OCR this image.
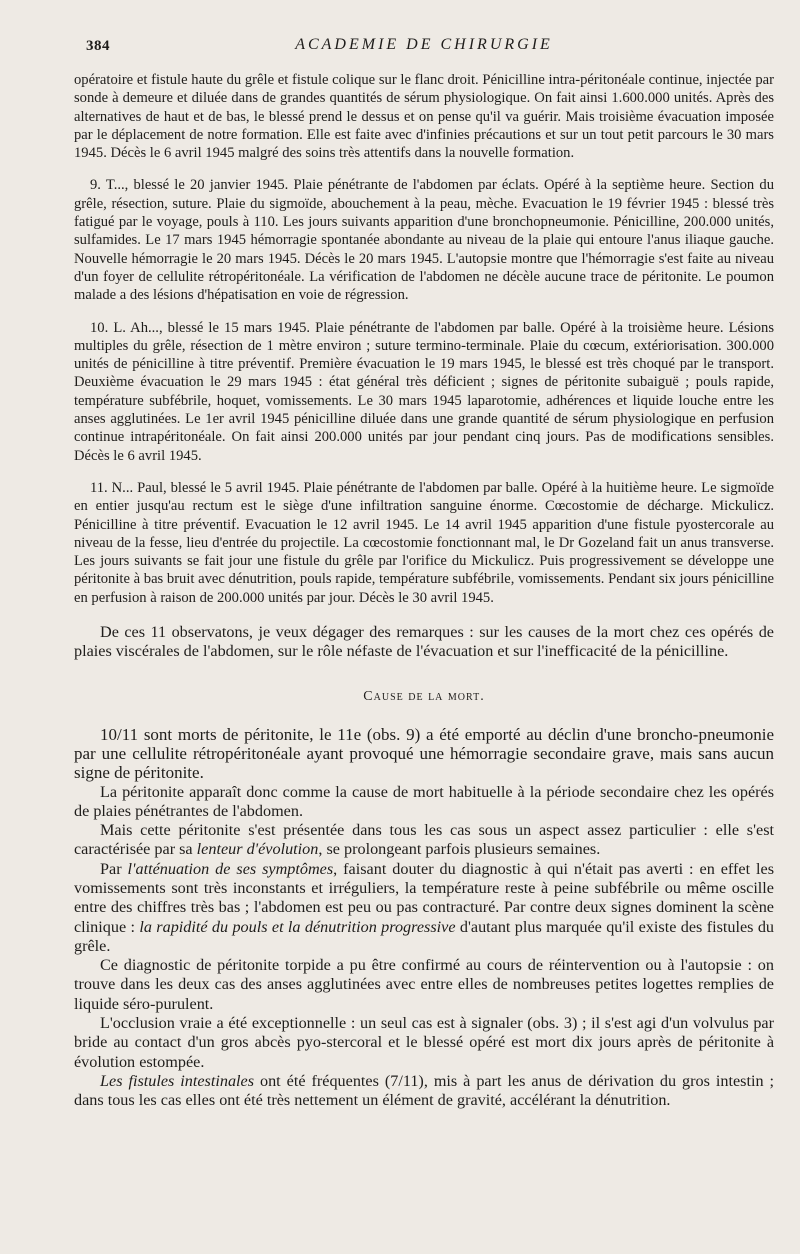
384	ACADEMIE DE CHIRURGIE

opératoire et fistule haute du grêle et fistule colique sur le flanc droit. Pénicilline intra-péritonéale continue, injectée par sonde à demeure et diluée dans de grandes quantités de sérum physiologique. On fait ainsi 1.600.000 unités. Après des alternatives de haut et de bas, le blessé prend le dessus et on pense qu'il va guérir. Mais troisième évacuation imposée par le déplacement de notre formation. Elle est faite avec d'infinies précautions et sur un tout petit parcours le 30 mars 1945. Décès le 6 avril 1945 malgré des soins très attentifs dans la nouvelle formation.

9. T..., blessé le 20 janvier 1945. Plaie pénétrante de l'abdomen par éclats. Opéré à la septième heure. Section du grêle, résection, suture. Plaie du sigmoïde, abouchement à la peau, mèche. Evacuation le 19 février 1945 : blessé très fatigué par le voyage, pouls à 110. Les jours suivants apparition d'une bronchopneumonie. Pénicilline, 200.000 unités, sulfamides. Le 17 mars 1945 hémorragie spontanée abondante au niveau de la plaie qui entoure l'anus iliaque gauche. Nouvelle hémorragie le 20 mars 1945. Décès le 20 mars 1945. L'autopsie montre que l'hémorragie s'est faite au niveau d'un foyer de cellulite rétropéritonéale. La vérification de l'abdomen ne décèle aucune trace de péritonite. Le poumon malade a des lésions d'hépatisation en voie de régression.

10. L. Ah..., blessé le 15 mars 1945. Plaie pénétrante de l'abdomen par balle. Opéré à la troisième heure. Lésions multiples du grêle, résection de 1 mètre environ ; suture termino-terminale. Plaie du cœcum, extériorisation. 300.000 unités de pénicilline à titre préventif. Première évacuation le 19 mars 1945, le blessé est très choqué par le transport. Deuxième évacuation le 29 mars 1945 : état général très déficient ; signes de péritonite subaiguë ; pouls rapide, température subfébrile, hoquet, vomissements. Le 30 mars 1945 laparotomie, adhérences et liquide louche entre les anses agglutinées. Le 1er avril 1945 pénicilline diluée dans une grande quantité de sérum physiologique en perfusion continue intrapéritonéale. On fait ainsi 200.000 unités par jour pendant cinq jours. Pas de modifications sensibles. Décès le 6 avril 1945.

11. N... Paul, blessé le 5 avril 1945. Plaie pénétrante de l'abdomen par balle. Opéré à la huitième heure. Le sigmoïde en entier jusqu'au rectum est le siège d'une infiltration sanguine énorme. Cœcostomie de décharge. Mickulicz. Pénicilline à titre préventif. Evacuation le 12 avril 1945. Le 14 avril 1945 apparition d'une fistule pyostercorale au niveau de la fesse, lieu d'entrée du projectile. La cœcostomie fonctionnant mal, le Dr Gozeland fait un anus transverse. Les jours suivants se fait jour une fistule du grêle par l'orifice du Mickulicz. Puis progressivement se développe une péritonite à bas bruit avec dénutrition, pouls rapide, température subfébrile, vomissements. Pendant six jours pénicilline en perfusion à raison de 200.000 unités par jour. Décès le 30 avril 1945.

De ces 11 observatons, je veux dégager des remarques : sur les causes de la mort chez ces opérés de plaies viscérales de l'abdomen, sur le rôle néfaste de l'évacuation et sur l'inefficacité de la pénicilline.

Cause de la mort.

10/11 sont morts de péritonite, le 11e (obs. 9) a été emporté au déclin d'une broncho-pneumonie par une cellulite rétropéritonéale ayant provoqué une hémorragie secondaire grave, mais sans aucun signe de péritonite.

La péritonite apparaît donc comme la cause de mort habituelle à la période secondaire chez les opérés de plaies pénétrantes de l'abdomen.

Mais cette péritonite s'est présentée dans tous les cas sous un aspect assez particulier : elle s'est caractérisée par sa lenteur d'évolution, se prolongeant parfois plusieurs semaines.

Par l'atténuation de ses symptômes, faisant douter du diagnostic à qui n'était pas averti : en effet les vomissements sont très inconstants et irréguliers, la température reste à peine subfébrile ou même oscille entre des chiffres très bas ; l'abdomen est peu ou pas contracturé. Par contre deux signes dominent la scène clinique : la rapidité du pouls et la dénutrition progressive d'autant plus marquée qu'il existe des fistules du grêle.

Ce diagnostic de péritonite torpide a pu être confirmé au cours de réintervention ou à l'autopsie : on trouve dans les deux cas des anses agglutinées avec entre elles de nombreuses petites logettes remplies de liquide séro-purulent.

L'occlusion vraie a été exceptionnelle : un seul cas est à signaler (obs. 3) ; il s'est agi d'un volvulus par bride au contact d'un gros abcès pyo-stercoral et le blessé opéré est mort dix jours après de péritonite à évolution estompée.

Les fistules intestinales ont été fréquentes (7/11), mis à part les anus de dérivation du gros intestin ; dans tous les cas elles ont été très nettement un élément de gravité, accélérant la dénutrition.
